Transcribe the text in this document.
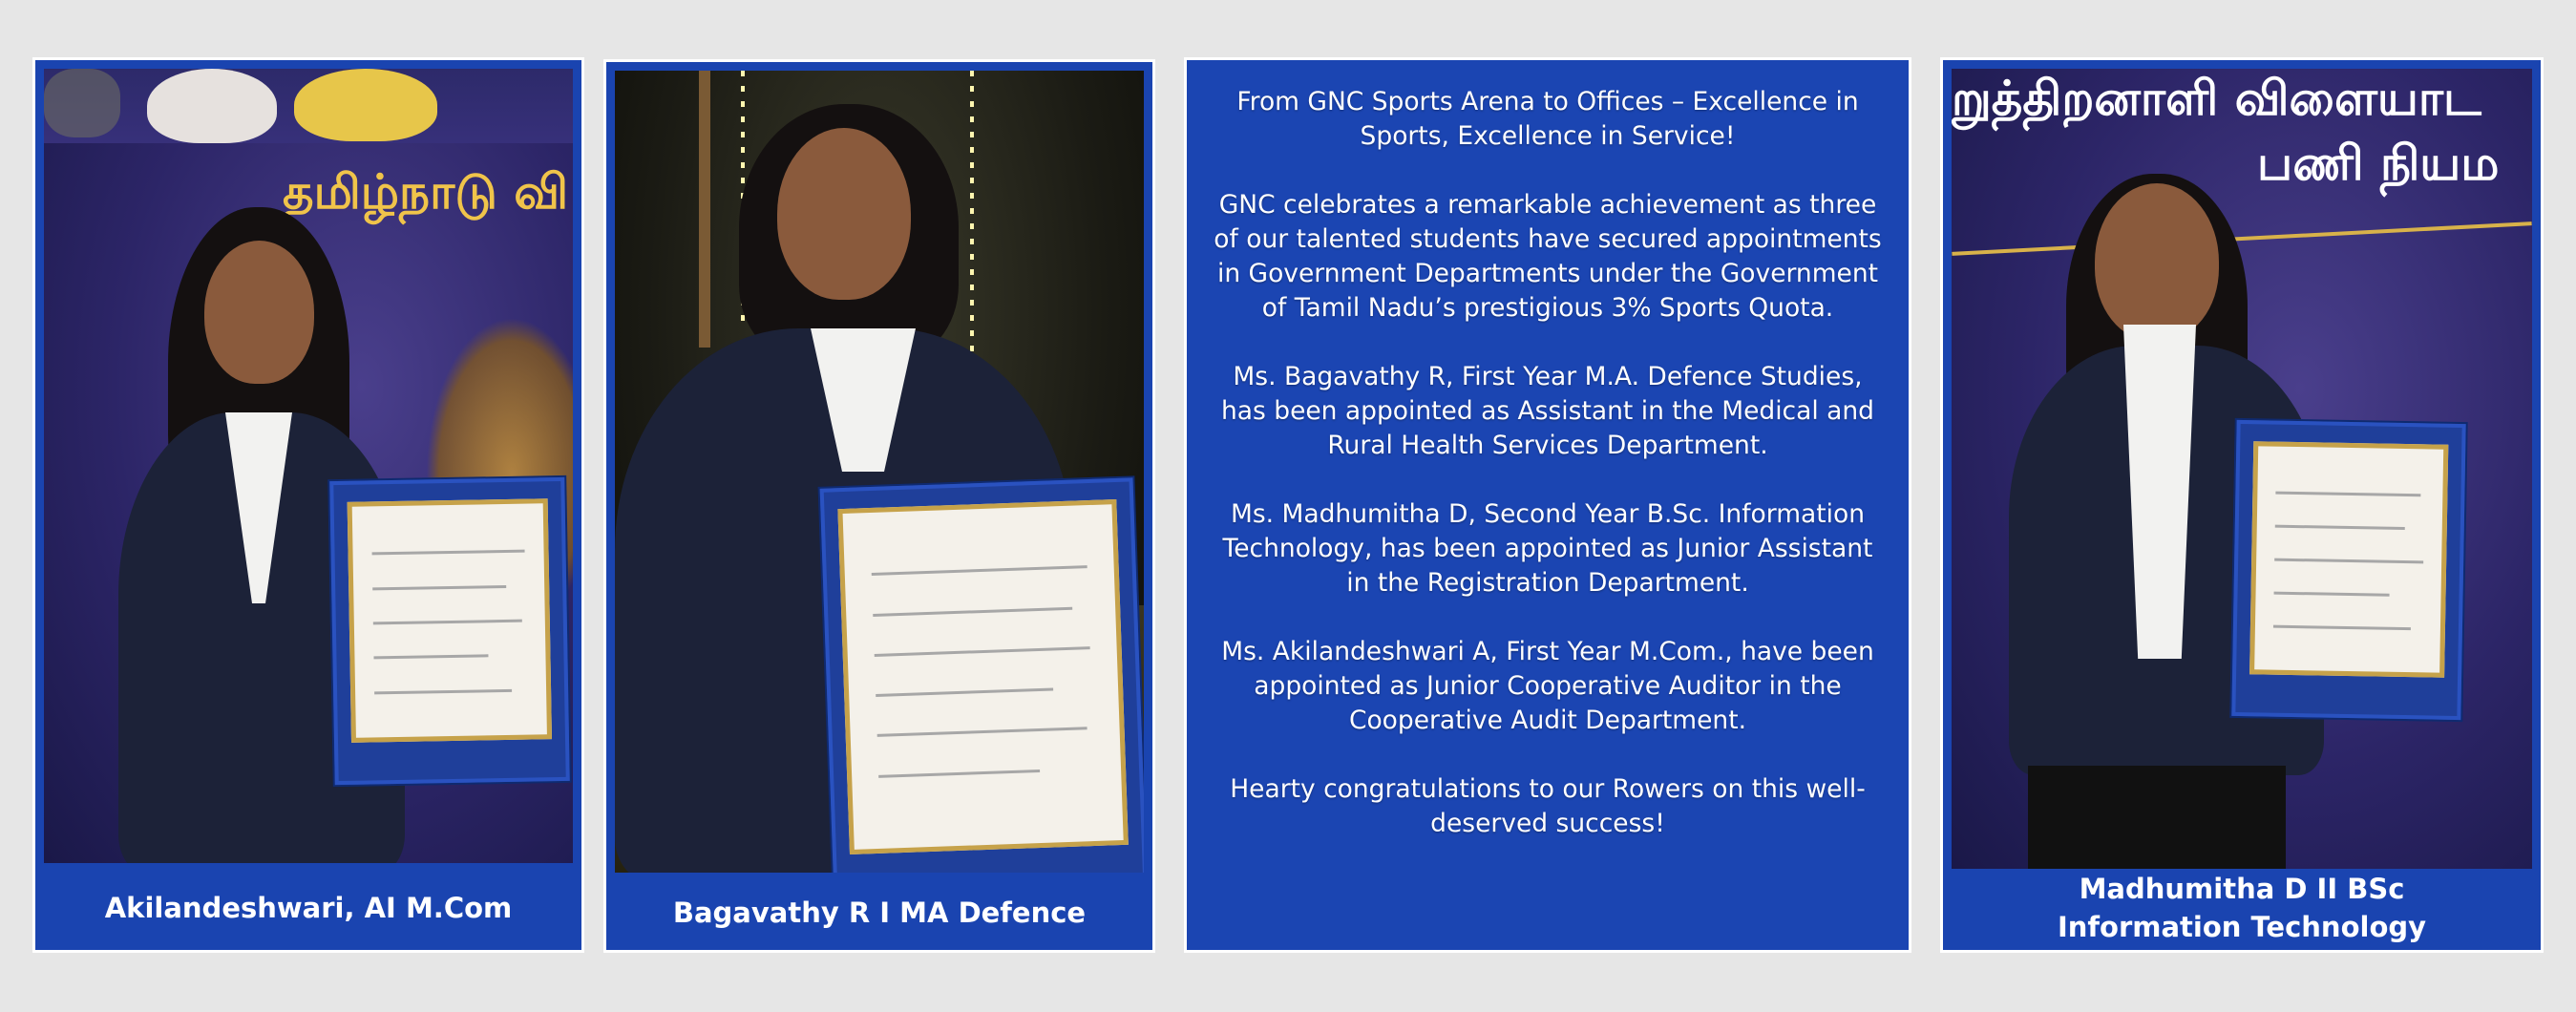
தமிழ்நாடு வி
Akilandeshwari, AI M.Com	Bagavathy R I MA Defence

From GNC Sports Arena to Offices – Excellence in Sports, Excellence in Service!

GNC celebrates a remarkable achievement as three of our talented students have secured appointments in Government Departments under the Government of Tamil Nadu’s prestigious 3% Sports Quota.

Ms. Bagavathy R, First Year M.A. Defence Studies, has been appointed as Assistant in the Medical and Rural Health Services Department.

Ms. Madhumitha D, Second Year B.Sc. Information Technology, has been appointed as Junior Assistant in the Registration Department.

Ms. Akilandeshwari A, First Year M.Com., have been appointed as Junior Cooperative Auditor in the Cooperative Audit Department.

Hearty congratulations to our Rowers on this well-deserved success!

றுத்திறனாளி விளையாட
பணி நியம
Madhumitha D II BSc
Information Technology
